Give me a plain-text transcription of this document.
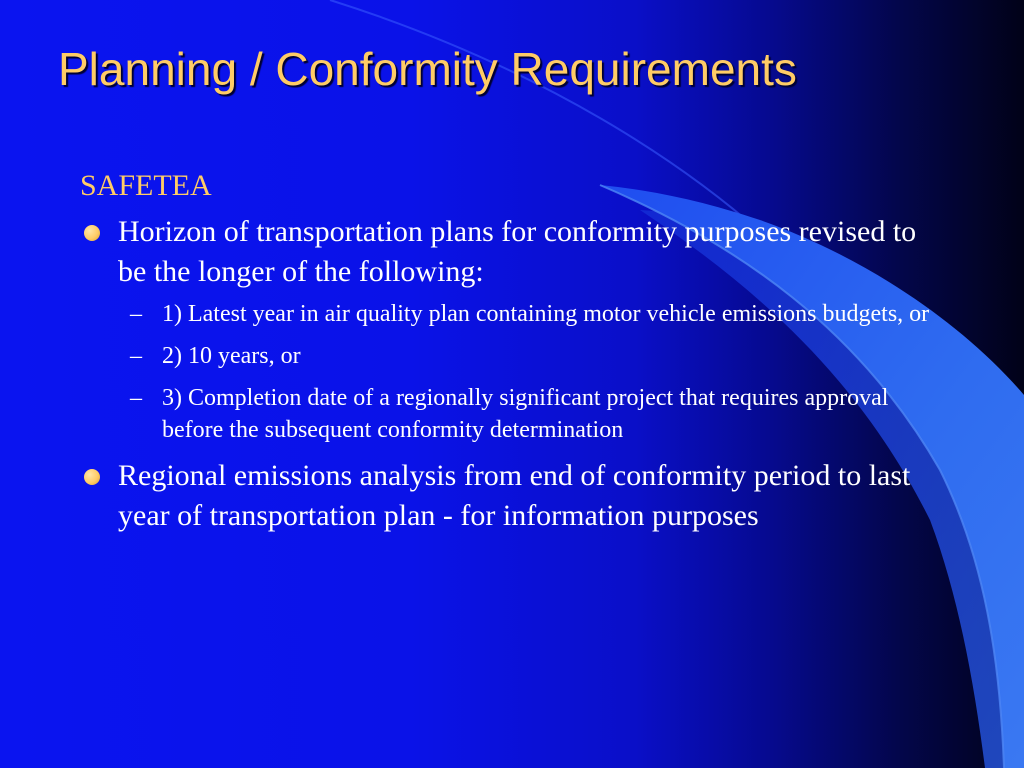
Planning / Conformity Requirements
SAFETEA
Horizon of transportation plans for conformity purposes revised to be the longer of the following:
– 1) Latest year in air quality plan containing motor vehicle emissions budgets, or
– 2) 10 years, or
– 3) Completion date of a regionally significant project that requires approval before the subsequent conformity determination
Regional emissions analysis from end of conformity period to last year of transportation plan - for information purposes
